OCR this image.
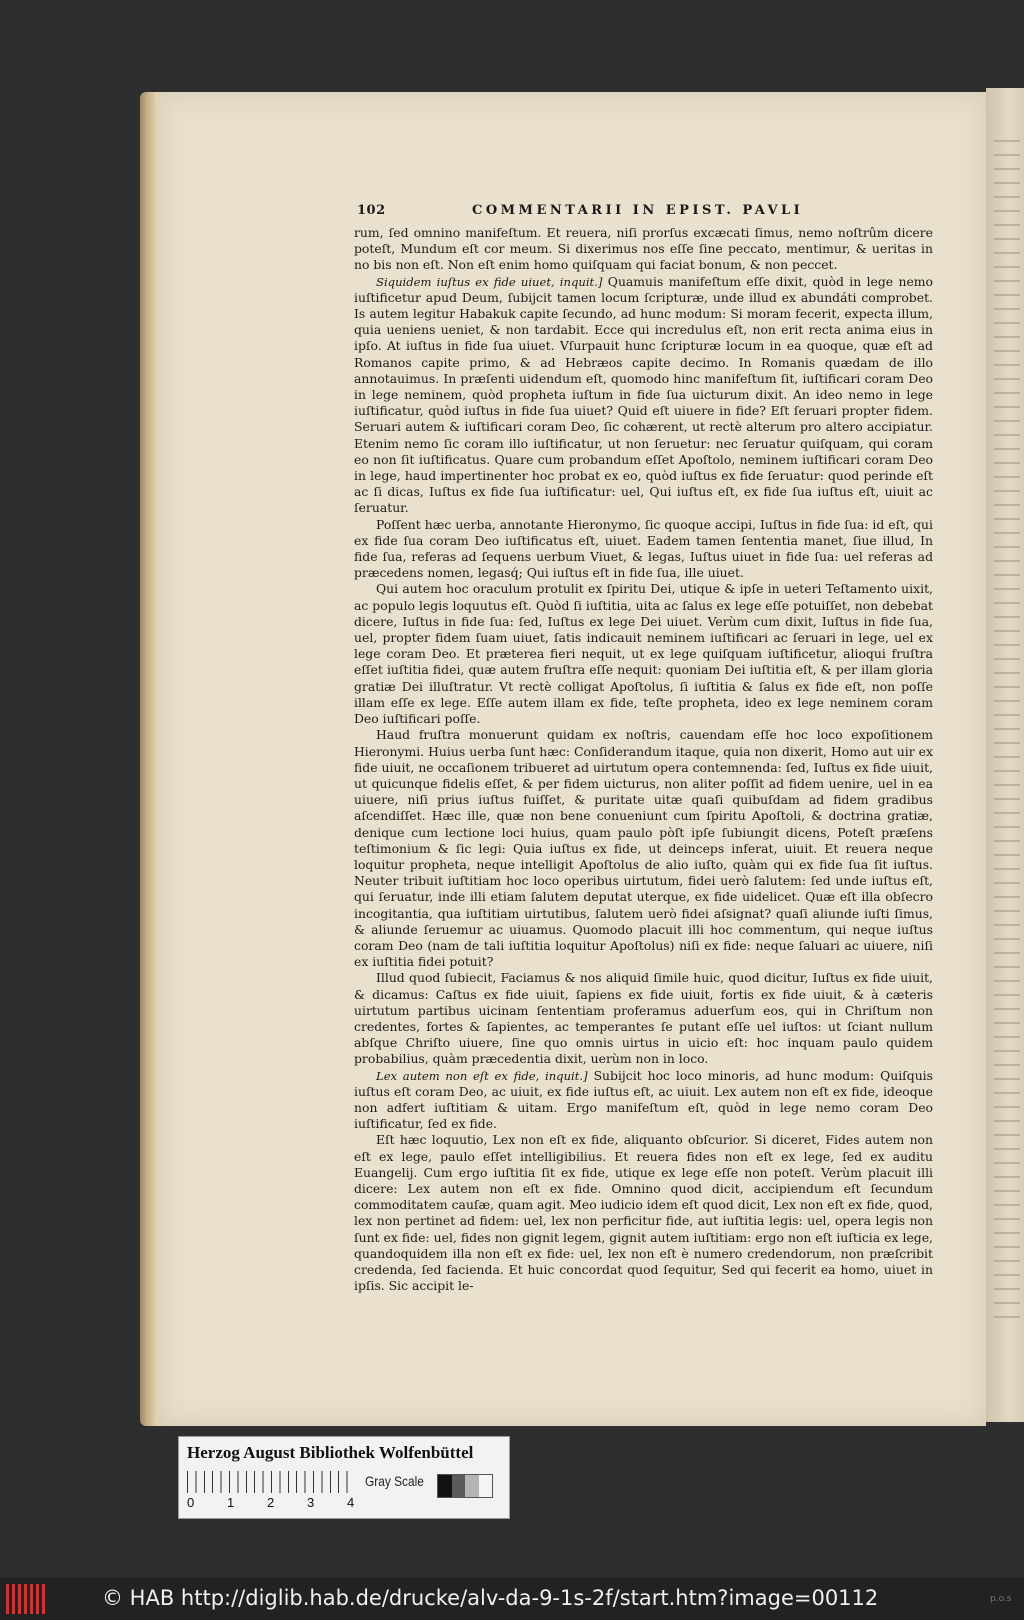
102	COMMENTARII IN EPIST. PAVLI

rum, ſed omnino manifeſtum. Et reuera, niſi prorſus excæcati ſimus, nemo noſtrûm dicere poteſt, Mundum eſt cor meum. Si dixerimus nos eſſe ſine peccato, mentimur, & ueritas in no bis non eſt. Non eſt enim homo quiſquam qui faciat bonum, & non peccet.

Siquidem iuſtus ex fide uiuet, inquit.] Quamuis manifeſtum eſſe dixit, quòd in lege nemo iuſtificetur apud Deum, ſubijcit tamen locum ſcripturæ, unde illud ex abundáti comprobet. Is autem legitur Habakuk capite ſecundo, ad hunc modum: Si moram fecerit, expecta illum, quia ueniens ueniet, & non tardabit. Ecce qui incredulus eſt, non erit recta anima eius in ipſo. At iuſtus in fide ſua uiuet. Vſurpauit hunc ſcripturæ locum in ea quoque, quæ eſt ad Romanos capite primo, & ad Hebræos capite decimo. In Romanis quædam de illo annotauimus. In præſenti uidendum eſt, quomodo hinc manifeſtum ſit, iuſtificari coram Deo in lege neminem, quòd propheta iuſtum in fide ſua uicturum dixit. An ideo nemo in lege iuſtificatur, quòd iuſtus in fide ſua uiuet? Quid eſt uiuere in fide? Eſt ſeruari propter fidem. Seruari autem & iuſtificari coram Deo, ſic cohærent, ut rectè alterum pro altero accipiatur. Etenim nemo ſic coram illo iuſtificatur, ut non ſeruetur: nec ſeruatur quiſquam, qui coram eo non ſit iuſtificatus. Quare cum probandum eſſet Apoſtolo, neminem iuſtificari coram Deo in lege, haud impertinenter hoc probat ex eo, quòd iuſtus ex fide ſeruatur: quod perinde eſt ac ſi dicas, Iuſtus ex fide ſua iuſtificatur: uel, Qui iuſtus eſt, ex fide ſua iuſtus eſt, uiuit ac ſeruatur.

Poſſent hæc uerba, annotante Hieronymo, ſic quoque accipi, Iuſtus in fide ſua: id eſt, qui ex fide ſua coram Deo iuſtificatus eſt, uiuet. Eadem tamen ſententia manet, ſiue illud, In fide ſua, referas ad ſequens uerbum Viuet, & legas, Iuſtus uiuet in fide ſua: uel referas ad præcedens nomen, legasq́; Qui iuſtus eſt in fide ſua, ille uiuet.

Qui autem hoc oraculum protulit ex ſpiritu Dei, utique & ipſe in ueteri Teſtamento uixit, ac populo legis loquutus eſt. Quòd ſi iuſtitia, uita ac ſalus ex lege eſſe potuiſſet, non debebat dicere, Iuſtus in fide ſua: ſed, Iuſtus ex lege Dei uiuet. Verùm cum dixit, Iuſtus in fide ſua, uel, propter fidem ſuam uiuet, ſatis indicauit neminem iuſtificari ac ſeruari in lege, uel ex lege coram Deo. Et præterea fieri nequit, ut ex lege quiſquam iuſtificetur, alioqui fruſtra eſſet iuſtitia fidei, quæ autem fruſtra eſſe nequit: quoniam Dei iuſtitia eſt, & per illam gloria gratiæ Dei illuſtratur. Vt rectè colligat Apoſtolus, ſi iuſtitia & ſalus ex fide eſt, non poſſe illam eſſe ex lege. Eſſe autem illam ex fide, teſte propheta, ideo ex lege neminem coram Deo iuſtificari poſſe.

Haud fruſtra monuerunt quidam ex noſtris, cauendam eſſe hoc loco expoſitionem Hieronymi. Huius uerba ſunt hæc: Conſiderandum itaque, quia non dixerit, Homo aut uir ex fide uiuit, ne occaſionem tribueret ad uirtutum opera contemnenda: ſed, Iuſtus ex fide uiuit, ut quicunque fidelis eſſet, & per fidem uicturus, non aliter poſſit ad fidem uenire, uel in ea uiuere, niſi prius iuſtus fuiſſet, & puritate uitæ quaſi quibuſdam ad fidem gradibus aſcendiſſet. Hæc ille, quæ non bene conueniunt cum ſpiritu Apoſtoli, & doctrina gratiæ, denique cum lectione loci huius, quam paulo pòſt ipſe ſubiungit dicens, Poteſt præſens teſtimonium & ſic legi: Quia iuſtus ex fide, ut deinceps inferat, uiuit. Et reuera neque loquitur propheta, neque intelligit Apoſtolus de alio iuſto, quàm qui ex fide ſua ſit iuſtus. Neuter tribuit iuſtitiam hoc loco operibus uirtutum, fidei uerò ſalutem: ſed unde iuſtus eſt, qui ſeruatur, inde illi etiam ſalutem deputat uterque, ex fide uidelicet. Quæ eſt illa obſecro incogitantia, qua iuſtitiam uirtutibus, ſalutem uerò fidei aſsignat? quaſi aliunde iuſti ſimus, & aliunde ſeruemur ac uiuamus. Quomodo placuit illi hoc commentum, qui neque iuſtus coram Deo (nam de tali iuſtitia loquitur Apoſtolus) niſi ex fide: neque ſaluari ac uiuere, niſi ex iuſtitia fidei potuit?

Illud quod ſubiecit, Faciamus & nos aliquid ſimile huic, quod dicitur, Iuſtus ex fide uiuit, & dicamus: Caſtus ex fide uiuit, ſapiens ex fide uiuit, fortis ex fide uiuit, & à cæteris uirtutum partibus uicinam ſententiam proferamus aduerſum eos, qui in Chriſtum non credentes, fortes & ſapientes, ac temperantes ſe putant eſſe uel iuſtos: ut ſciant nullum abſque Chriſto uiuere, ſine quo omnis uirtus in uicio eſt: hoc inquam paulo quidem probabilius, quàm præcedentia dixit, uerùm non in loco.

Lex autem non eſt ex fide, inquit.] Subijcit hoc loco minoris, ad hunc modum: Quiſquis iuſtus eſt coram Deo, ac uiuit, ex fide iuſtus eſt, ac uiuit. Lex autem non eſt ex fide, ideoque non adfert iuſtitiam & uitam. Ergo manifeſtum eſt, quòd in lege nemo coram Deo iuſtificatur, ſed ex fide.

Eſt hæc loquutio, Lex non eſt ex fide, aliquanto obſcurior. Si diceret, Fides autem non eſt ex lege, paulo eſſet intelligibilius. Et reuera fides non eſt ex lege, ſed ex auditu Euangelij. Cum ergo iuſtitia ſit ex fide, utique ex lege eſſe non poteſt. Verùm placuit illi dicere: Lex autem non eſt ex fide. Omnino quod dicit, accipiendum eſt ſecundum commoditatem cauſæ, quam agit. Meo iudicio idem eſt quod dicit, Lex non eſt ex fide, quod, lex non pertinet ad fidem: uel, lex non perficitur fide, aut iuſtitia legis: uel, opera legis non ſunt ex fide: uel, fides non gignit legem, gignit autem iuſtitiam: ergo non eſt iuſticia ex lege, quandoquidem illa non eſt ex fide: uel, lex non eſt è numero credendorum, non præſcribit credenda, ſed facienda. Et huic concordat quod ſequitur, Sed qui fecerit ea homo, uiuet in ipſis. Sic accipit le-

Herzog August Bibliothek Wolfenbüttel
0	1	2	3	4
Gray Scale
© HAB http://diglib.hab.de/drucke/alv-da-9-1s-2f/start.htm?image=00112	p.o.s
